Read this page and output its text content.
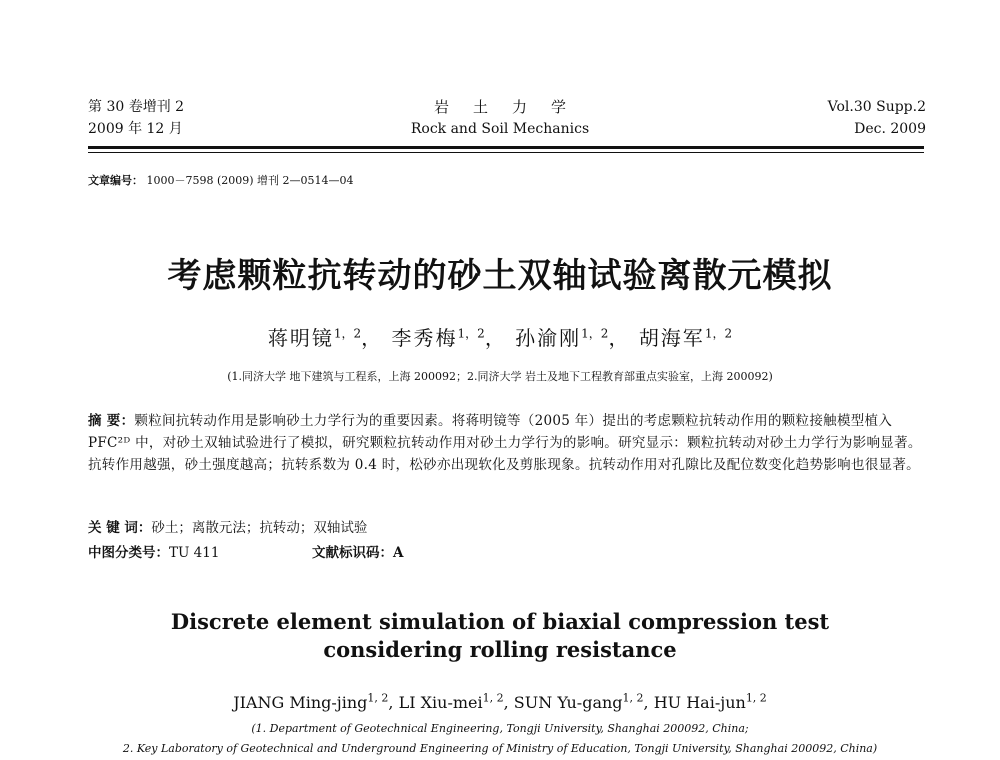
第 30 卷增刊 2
2009 年 12 月
岩土力学
Rock and Soil Mechanics
Vol.30 Supp.2
Dec. 2009
文章编号： 1000－7598 (2009) 增刊 2—0514—04
考虑颗粒抗转动的砂土双轴试验离散元模拟
蒋明镜$^{1,2}$， 李秀梅$^{1,2}$， 孙渝刚$^{1,2}$， 胡海军$^{1,2}$
(1.同济大学 地下建筑与工程系，上海 200092；2.同济大学 岩土及地下工程教育部重点实验室，上海 200092)
摘 要：颗粒间抗转动作用是影响砂土力学行为的重要因素。将蒋明镜等（2005 年）提出的考虑颗粒抗转动作用的颗粒接触模型植入 PFC²ᴰ 中，对砂土双轴试验进行了模拟，研究颗粒抗转动作用对砂土力学行为的影响。研究显示：颗粒抗转动对砂土力学行为影响显著。抗转作用越强，砂土强度越高；抗转系数为 0.4 时，松砂亦出现软化及剪胀现象。抗转动作用对孔隙比及配位数变化趋势影响也很显著。
关 键 词：砂土；离散元法；抗转动；双轴试验
中图分类号：TU 411	文献标识码：A
Discrete element simulation of biaxial compression test
considering rolling resistance
JIANG Ming-jing$^{1, 2}$, LI Xiu-mei$^{1, 2}$, SUN Yu-gang$^{1, 2}$, HU Hai-jun$^{1, 2}$
(1. Department of Geotechnical Engineering, Tongji University, Shanghai 200092, China;
2. Key Laboratory of Geotechnical and Underground Engineering of Ministry of Education, Tongji University, Shanghai 200092, China)
